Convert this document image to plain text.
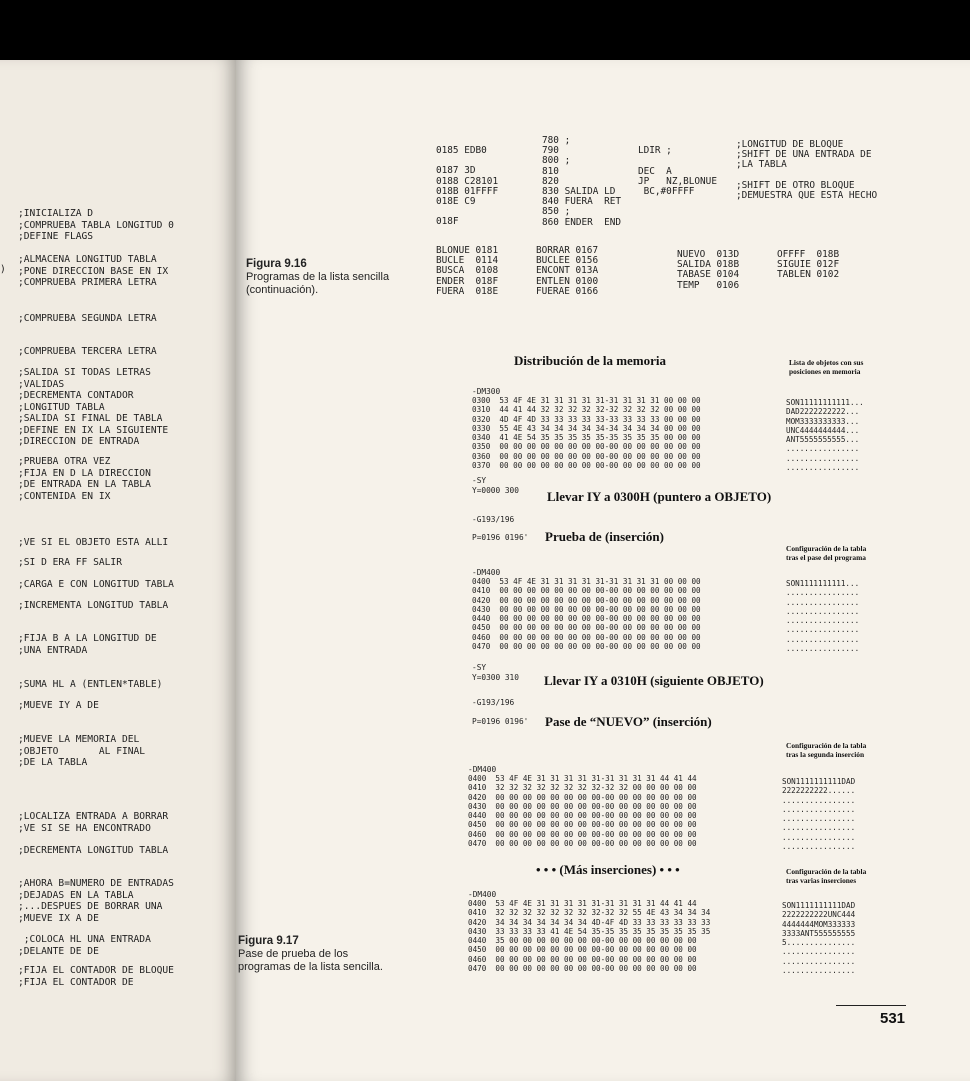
)
;INICIALIZA D
;COMPRUEBA TABLA LONGITUD 0
;DEFINE FLAGS
;ALMACENA LONGITUD TABLA
;PONE DIRECCION BASE EN IX
;COMPRUEBA PRIMERA LETRA
;COMPRUEBA SEGUNDA LETRA
;COMPRUEBA TERCERA LETRA
;SALIDA SI TODAS LETRAS
;VALIDAS
;DECREMENTA CONTADOR
;LONGITUD TABLA
;SALIDA SI FINAL DE TABLA
;DEFINE EN IX LA SIGUIENTE
;DIRECCION DE ENTRADA
;PRUEBA OTRA VEZ
;FIJA EN D LA DIRECCION
;DE ENTRADA EN LA TABLA
;CONTENIDA EN IX
;VE SI EL OBJETO ESTA ALLI
;SI D ERA FF SALIR
;CARGA E CON LONGITUD TABLA
;INCREMENTA LONGITUD TABLA
;FIJA B A LA LONGITUD DE
;UNA ENTRADA
;SUMA HL A (ENTLEN*TABLE)
;MUEVE IY A DE
;MUEVE LA MEMORIA DEL
;OBJETO       AL FINAL
;DE LA TABLA
;LOCALIZA ENTRADA A BORRAR
;VE SI SE HA ENCONTRADO
;DECREMENTA LONGITUD TABLA
;AHORA B=NUMERO DE ENTRADAS
;DEJADAS EN LA TABLA
;...DESPUES DE BORRAR UNA
;MUEVE IX A DE
;COLOCA HL UNA ENTRADA
;DELANTE DE DE
;FIJA EL CONTADOR DE BLOQUE
;FIJA EL CONTADOR DE
0185 EDB0

0187 3D
0188 C28101
018B 01FFFF
018E C9

018F
780 ;
790              LDIR ;
800 ;
810              DEC  A
820              JP   NZ,BLONUE
830 SALIDA LD     BC,#0FFFF
840 FUERA  RET
850 ;
860 ENDER  END
;LONGITUD DE BLOQUE
;SHIFT DE UNA ENTRADA DE
;LA TABLA

;SHIFT DE OTRO BLOQUE
;DEMUESTRA QUE ESTA HECHO
BLONUE 0181
BUCLE  0114
BUSCA  0108
ENDER  018F
FUERA  018E
BORRAR 0167
BUCLEE 0156
ENCONT 013A
ENTLEN 0100
FUERAE 0166
NUEVO  013D
SALIDA 018B
TABASE 0104
TEMP   0106
OFFFF  018B
SIGUIE 012F
TABLEN 0102
Figura 9.16
Programas de la lista sencilla (continuación).
Distribución de la memoria	Lista de objetos con sus posiciones en memoria
-DM300
0300  53 4F 4E 31 31 31 31 31-31 31 31 31 00 00 00
0310  44 41 44 32 32 32 32 32-32 32 32 32 00 00 00
0320  4D 4F 4D 33 33 33 33 33-33 33 33 33 00 00 00
0330  55 4E 43 34 34 34 34 34-34 34 34 34 00 00 00
0340  41 4E 54 35 35 35 35 35-35 35 35 35 00 00 00
0350  00 00 00 00 00 00 00 00-00 00 00 00 00 00 00
0360  00 00 00 00 00 00 00 00-00 00 00 00 00 00 00
0370  00 00 00 00 00 00 00 00-00 00 00 00 00 00 00
SON11111111111...
DAD2222222222...
MOM3333333333...
UNC4444444444...
ANT5555555555...
................
................
................
-SY
Y=0000 300 Llevar IY a 0300H (puntero a OBJETO)
-G193/196
P=0196 0196' Prueba de (inserción)
Configuración de la tabla tras el pase del programa
-DM400
0400  53 4F 4E 31 31 31 31 31-31 31 31 31 00 00 00
0410  00 00 00 00 00 00 00 00-00 00 00 00 00 00 00
0420  00 00 00 00 00 00 00 00-00 00 00 00 00 00 00
0430  00 00 00 00 00 00 00 00-00 00 00 00 00 00 00
0440  00 00 00 00 00 00 00 00-00 00 00 00 00 00 00
0450  00 00 00 00 00 00 00 00-00 00 00 00 00 00 00
0460  00 00 00 00 00 00 00 00-00 00 00 00 00 00 00
0470  00 00 00 00 00 00 00 00-00 00 00 00 00 00 00
SON1111111111...
................
................
................
................
................
................
................
-SY
Y=0300 310 Llevar IY a 0310H (siguiente OBJETO)
-G193/196
P=0196 0196' Pase de “NUEVO” (inserción)
Configuración de la tabla tras la segunda inserción
-DM400
0400  53 4F 4E 31 31 31 31 31-31 31 31 31 44 41 44
0410  32 32 32 32 32 32 32 32-32 32 00 00 00 00 00
0420  00 00 00 00 00 00 00 00-00 00 00 00 00 00 00
0430  00 00 00 00 00 00 00 00-00 00 00 00 00 00 00
0440  00 00 00 00 00 00 00 00-00 00 00 00 00 00 00
0450  00 00 00 00 00 00 00 00-00 00 00 00 00 00 00
0460  00 00 00 00 00 00 00 00-00 00 00 00 00 00 00
0470  00 00 00 00 00 00 00 00-00 00 00 00 00 00 00
SON1111111111DAD
2222222222......
................
................
................
................
................
................
• • • (Más inserciones) • • •	Configuración de la tabla tras varias inserciones
-DM400
0400  53 4F 4E 31 31 31 31 31-31 31 31 31 44 41 44
0410  32 32 32 32 32 32 32 32-32 32 55 4E 43 34 34 34
0420  34 34 34 34 34 34 34 4D-4F 4D 33 33 33 33 33 33
0430  33 33 33 33 41 4E 54 35-35 35 35 35 35 35 35 35
0440  35 00 00 00 00 00 00 00-00 00 00 00 00 00 00
0450  00 00 00 00 00 00 00 00-00 00 00 00 00 00 00
0460  00 00 00 00 00 00 00 00-00 00 00 00 00 00 00
0470  00 00 00 00 00 00 00 00-00 00 00 00 00 00 00
SON1111111111DAD
2222222222UNC444
4444444MOM333333
3333ANT555555555
5...............
................
................
................
Figura 9.17
Pase de prueba de los programas de la lista sencilla.
531
